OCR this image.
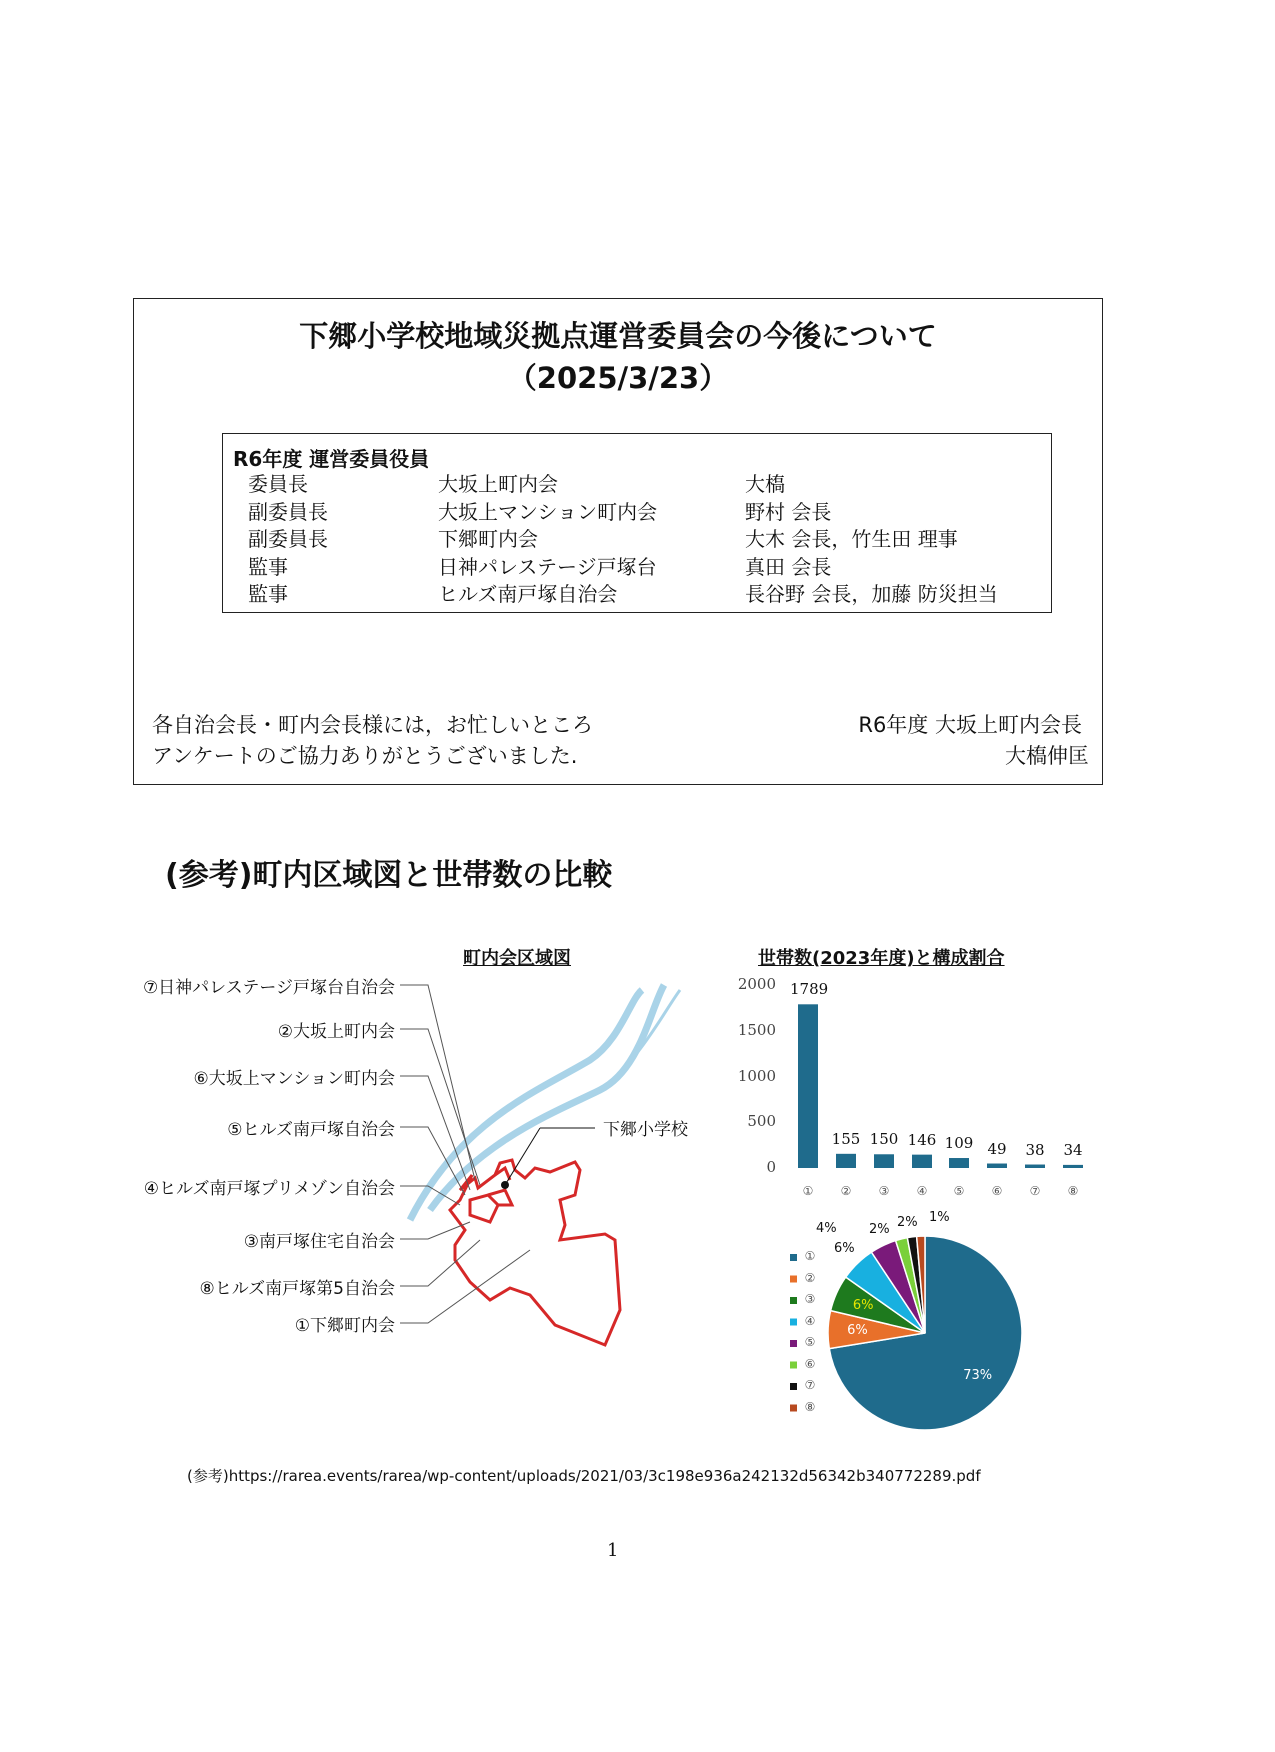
下郷小学校地域災拠点運営委員会の今後について
（2025/3/23）
R6年度 運営委員役員
委員長	大坂上町内会	大槗
副委員長	大坂上マンション町内会	野村 会長
副委員長	下郷町内会	大木 会長，竹生田 理事
監事	日神パレステージ戸塚台	真田 会長
監事	ヒルズ南戸塚自治会	長谷野 会長，加藤 防災担当
各自治会長・町内会長様には，お忙しいところ
アンケートのご協力ありがとうございました.
R6年度 大坂上町内会長
大槗伸匡
(参考)町内区域図と世帯数の比較
町内会区域図
下郷小学校
⑦日神パレステージ戸塚台自治会
②大坂上町内会
⑥大坂上マンション町内会
⑤ヒルズ南戸塚自治会
④ヒルズ南戸塚プリメゾン自治会
③南戸塚住宅自治会
⑧ヒルズ南戸塚第5自治会
①下郷町内会
世帯数(2023年度)と構成割合
0
500
1000
1500
2000 1789
①
155
②
150
③
146
④
109
⑤
49
⑥
38
⑦
34
⑧
73%
①
6%
②
6%
③
6%
④
4%
⑤
2%
⑥
2%
⑦
1%
⑧
(参考)https://rarea.events/rarea/wp-content/uploads/2021/03/3c198e936a242132d56342b340772289.pdf
1
